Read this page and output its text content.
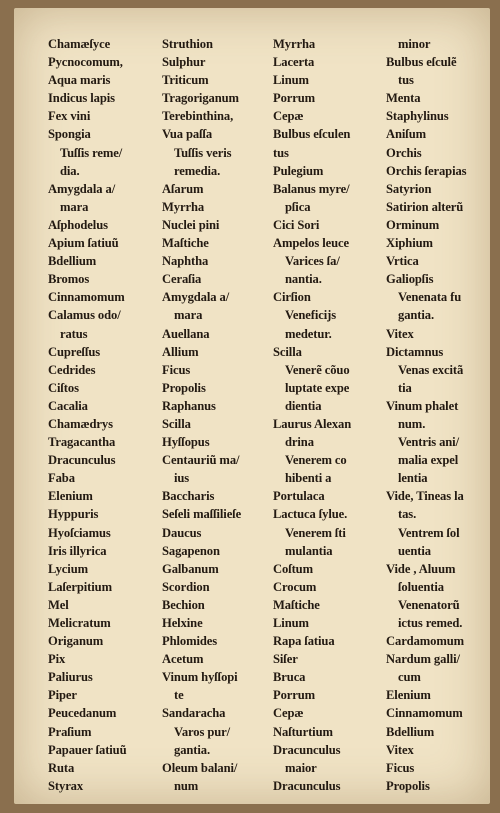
Chamæſyce
Pycnocomum,
Aqua maris
Indicus lapis
Fex vini
Spongia
Tuſſis reme/
dia.
Amygdala a/
mara
Aſphodelus
Apium ſatiuũ
Bdellium
Bromos
Cinnamomum
Calamus odo/
ratus
Cupreſſus
Cedrides
Ciſtos
Cacalia
Chamædrys
Tragacantha
Dracunculus
Faba
Elenium
Hyppuris
Hyoſciamus
Iris illyrica
Lycium
Laſerpitium
Mel
Melicratum
Origanum
Pix
Paliurus
Piper
Peucedanum
Praſium
Papauer ſatiuũ
Ruta
Styrax
Struthion
Sulphur
Triticum
Tragoriganum
Terebinthina,
Vua paſſa
Tuſſis veris
remedia.
Aſarum
Myrrha
Nuclei pini
Maſtiche
Naphtha
Ceraſia
Amygdala a/
mara
Auellana
Allium
Ficus
Propolis
Raphanus
Scilla
Hyſſopus
Centauriũ ma/
ius
Baccharis
Seſeli maſſilieſe
Daucus
Sagapenon
Galbanum
Scordion
Bechion
Helxine
Phlomides
Acetum
Vinum hyſſopi
te
Sandaracha
Varos pur/
gantia.
Oleum balani/
num
Myrrha
Lacerta
Linum
Porrum
Cepæ
Bulbus eſculen
tus
Pulegium
Balanus myre/
pſica
Cici Sori
Ampelos leuce
Varices ſa/
nantia.
Cirſion
Veneficijs
medetur.
Scilla
Venerẽ cõuo
luptate expe
dientia
Laurus Alexan
drina
Venerem co
hibenti a
Portulaca
Lactuca ſylue.
Venerem ſti
mulantia
Coſtum
Crocum
Maſtiche
Linum
Rapa ſatiua
Siſer
Bruca
Porrum
Cepæ
Naſturtium
Dracunculus
maior
Dracunculus
minor
Bulbus eſculẽ
tus
Menta
Staphylinus
Aniſum
Orchis
Orchis ſerapias
Satyrion
Satirion alterũ
Orminum
Xiphium
Vrtica
Galiopſis
Venenata fu
gantia.
Vitex
Dictamnus
Venas excitã
tia
Vinum phalet
num.
Ventris ani/
malia expel
lentia
Vide, Tineas la
tas.
Ventrem ſol
uentia
Vide , Aluum
ſoluentia
Venenatorũ
ictus remed.
Cardamomum
Nardum galli/
cum
Elenium
Cinnamomum
Bdellium
Vitex
Ficus
Propolis
